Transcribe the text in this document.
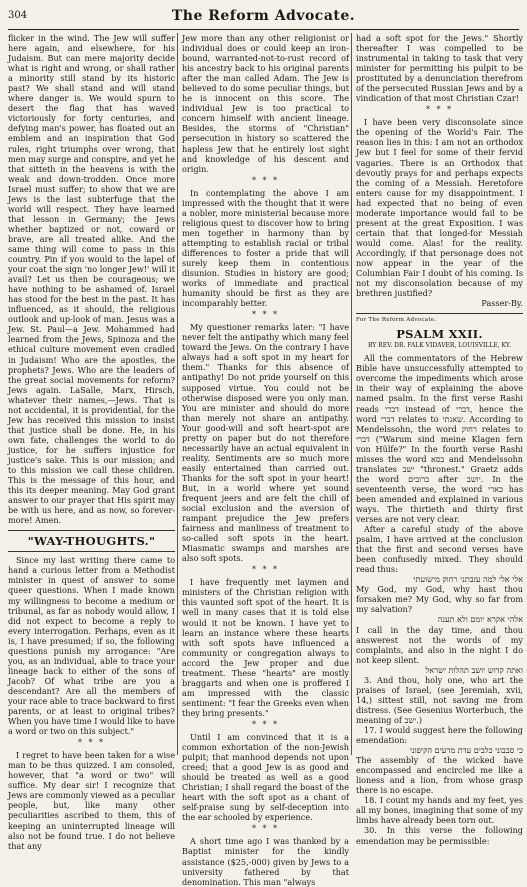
304	The Reform Advocate.

flicker in the wind. The Jew will suffer here again, and elsewhere, for his Judaism. But can mere majority decide what is right and wrong, or shall rather a minority still stand by its historic past? We shall stand and will stand where danger is. We would spurn to desert the flag that has waved victoriously for forty centuries, and defying man's power, has floated out an emblem and an inspiration that God rules, right triumphs over wrong, that men may surge and conspire, and yet he that sitteth in the heavens is with the weak and down-trodden. Once more Israel must suffer; to show that we are Jews is the last subterfuge that the world will respect. They have learned that lesson in Germany; the Jews whether baptized or not, coward or brave, are all treated alike. And the same thing will come to pass in this country. Pin if you would to the lapel of your coat the sign 'no longer Jew!' will it avail? Let us then be courageous; we have nothing to be ashamed of. Israel has stood for the best in the past. It has influenced, as it should, the religious outlook and up-look of man. Jesus was a Jew. St. Paul—a Jew. Mohammed had learned from the Jews, Spinoza and the ethical culture movement even cradled in Judaism! Who are the apostles, the prophets? Jews. Who are the leaders of the great social movements for reform? Jews again. LaSalle, Marx, Hirsch, whatever their names,—Jews. That is not accidental, it is providential, for the Jew has received this mission to insist that justice shall be done. He, in his own fate, challenges the world to do justice, for he suffers injustice for justice's sake. This is our mission; and to this mission we call these children. This is the message of this hour, and this its deeper meaning. May God grant answer to our prayer that His spirit may be with us here, and as now, so forever-more! Amen.

"WAY-THOUGHTS."

Since my last writing there came to hand a curious letter from a Methodist minister in quest of answer to some queer questions. When I made known my willingness to become a medium or tribunal, as far as nobody would allow, I did not expect to become a reply to every interrogation. Perhaps, even as it is, I have presumed; if so, the following questions punish my arrogance: "Are you, as an individual, able to trace your lineage back to either of the sons of Jacob? Of what tribe are you a descendant? Are all the members of your race able to trace backward to first parents, or at least to original tribes? When you have time I would like to have a word or two on this subject."

* * *

I regret to have been taken for a wise man to be thus quizzed. I am consoled, however, that "a word or two" will suffice. My dear sir! I recognize that Jews are commonly viewed as a peculiar people, but, like many other peculiarities ascribed to them, this of keeping an uninterrupted lineage will also not be found true. I do not believe that any

Jew more than any other religionist or individual does or could keep an iron-bound, warranted-not-to-rust record of his ancestry back to his original parents after the man called Adam. The Jew is believed to do some peculiar things, but he is innocent on this score. The individual Jew is too practical to concern himself with ancient lineage. Besides, the storms of "Christian" persecution in history so scattered the hapless Jew that he entirely lost sight and knowledge of his descent and origin.

* * *

In contemplating the above I am impressed with the thought that it were a nobler, more ministerial because more religious quest to discover how to bring men together in harmony than by attempting to establish racial or tribal differences to foster a pride that will surely keep them in contentious disunion. Studies in history are good; works of immediate and practical humanity should be first as they are incomparably better.

* * *

My questioner remarks later: "I have never felt the antipathy which many feel toward the Jews. On the contrary I have always had a soft spot in my heart for them." Thanks for this absence of antipathy! Do not pride yourself on this supposed virtue. You could not be otherwise disposed were you only man. You are minister and should do more than merely not share an antipathy. Your good-will and soft heart-spot are pretty on paper but do not therefore necessarily have an actual equivalent in reality. Sentiments are so much more easily entertained than carried out. Thanks for the soft spot in your heart! But, in a world where yet sound frequent jeers and are felt the chill of social exclusion and the aversion of rampant prejudice the Jew prefers fairness and manliness of treatment to so-called soft spots in the heart. Miasmatic swamps and marshes are also soft spots.

* * *

I have frequently met laymen and ministers of the Christian religion with this vaunted soft spot of the heart. It is well in many cases that it is told else would it not be known. I have yet to learn an instance where these hearts with soft spots have influenced a community or congregation always to accord the Jew proper and due treatment. These "hearts" are mostly braggarts and when one is proffered I am impressed with the classic sentiment: "I fear the Greeks even when they bring presents."

* * *

Until I am convinced that it is a common exhortation of the non-Jewish pulpit; that manhood depends not upon creed; that a good Jew is as good and should be treated as well as a good Christian; I shall regard the boast of the heart with the soft spot as a chant of self-praise sung by self-deception into the ear schooled by experience.

* * *

A short time ago I was thanked by a Baptist minister for the kindly assistance ($25,-000) given by Jews to a university fathered by that denomination. This man "always

had a soft spot for the Jews." Shortly thereafter I was compelled to be instrumental in taking to task that very minister for permitting his pulpit to be prostituted by a denunciation therefrom of the persecuted Russian Jews and by a vindication of that most Christian Czar!

* * *

I have been very disconsolate since the opening of the World's Fair. The reason lies in this: I am not an orthodox Jew but I feel for some of their fervid vagaries. There is an Orthodox that devoutly prays for and perhaps expects the coming of a Messiah. Heretofore enters cause for my disappointment. I had expected that no being of even moderate importance would fail to be present at the great Exposition. I was certain that that longed-for Messiah would come. Alas! for the reality. Accordingly, if that personage does not now appear in the year of the Columbian Fair I doubt of his coming. Is not my disconsolation because of my brethren justified?

Passer-By.

For The Reform Advocate.

PSALM XXII.

BY REV. DR. FALK VIDAVER, LOUISVILLE, KY.

All the commentators of the Hebrew Bible have unsuccessfully attempted to overcome the impediments which arose in their way of explaining the above named psalm. In the first verse Rashi reads דברי instead of דברי, hence the word דברי relates to שאגתי. According to Mendelssohn, the word רחוק relates to דברי ("Warum sind meine Klagen fern von Hülfe?" In the fourth verse Rashi misses the word כסא and Mendelssohn translates ישב "thronest." Graetz adds the word כרובים after יושב. In the seventeenth verse, the word כארי has been amended and explained in various ways. The thirtieth and thirty first verses are not very clear.

After a careful study of the above psalm, I have arrived at the conclusion that the first and second verses have been confusedly mixed. They should read thus:

אלי אלי למה עזבתני רחוק מישועתי

My God, my God, why hast thou forsaken me? My God, why so far from my salvation?

אלהי אקרא יומם ולא תענה

I call in the day time, and thou answerest not the words of my complaints, and also in the night I do not keep silent.

ואתה קדוש יושב תהלות ישראל

3. And thou, holy one, who art the praises of Israel, (see Jeremiah, xvii, 14,) sittest still, not saving me from distress. (See Gesenius Worterbuch, the meaning of ישב.)

17. I would suggest here the following emendation:

כי סבבוני כלבים עדת מרעים הקיפוני

The assembly of the wicked have encompassed and encircled me like a lioness and a lion, from whose grasp there is no escape.

18. I count my hands and my feet, yes all my bones, imagining that some of my limbs have already been torn out.

30. In this verse the following emendation may be permissible:
